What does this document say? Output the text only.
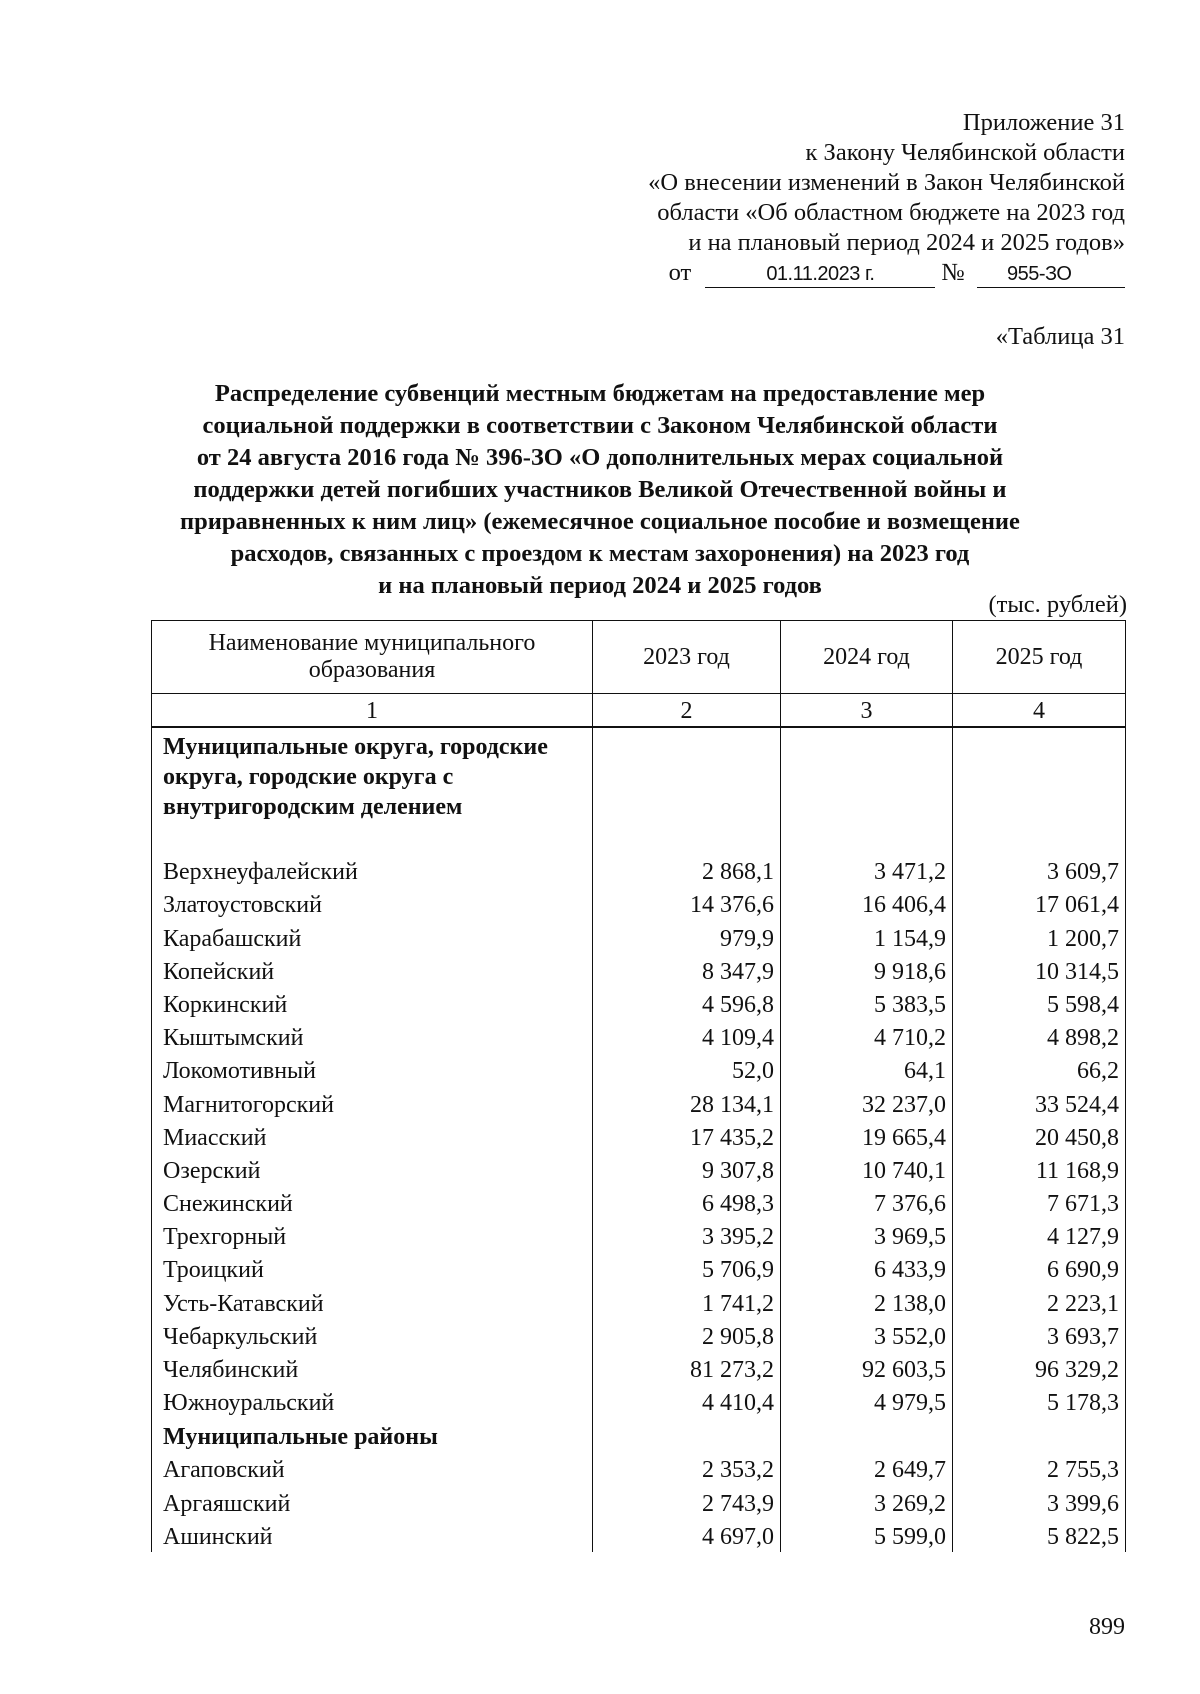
Приложение 31
к Закону Челябинской области
«О внесении изменений в Закон Челябинской
области «Об областном бюджете на 2023 год
и на плановый период 2024 и 2025 годов»
от	01.11.2023 г.	№ 955-ЗО
«Таблица 31
Распределение субвенций местным бюджетам на предоставление мер
социальной поддержки в соответствии с Законом Челябинской области
от 24 августа 2016 года № 396-ЗО «О дополнительных мерах социальной
поддержки детей погибших участников Великой Отечественной войны и
приравненных к ним лиц» (ежемесячное социальное пособие и возмещение
расходов, связанных с проездом к местам захоронения) на 2023 год
и на плановый период 2024 и 2025 годов
(тыс. рублей)
Наименование муниципального образования	2023 год	2024 год	2025 год
1	2	3	4
Муниципальные округа, городские округа, городские округа с внутригородским делением			
Верхнеуфалейский	2 868,1	3 471,2	3 609,7
Златоустовский	14 376,6	16 406,4	17 061,4
Карабашский	979,9	1 154,9	1 200,7
Копейский	8 347,9	9 918,6	10 314,5
Коркинский	4 596,8	5 383,5	5 598,4
Кыштымский	4 109,4	4 710,2	4 898,2
Локомотивный	52,0	64,1	66,2
Магнитогорский	28 134,1	32 237,0	33 524,4
Миасский	17 435,2	19 665,4	20 450,8
Озерский	9 307,8	10 740,1	11 168,9
Снежинский	6 498,3	7 376,6	7 671,3
Трехгорный	3 395,2	3 969,5	4 127,9
Троицкий	5 706,9	6 433,9	6 690,9
Усть-Катавский	1 741,2	2 138,0	2 223,1
Чебаркульский	2 905,8	3 552,0	3 693,7
Челябинский	81 273,2	92 603,5	96 329,2
Южноуральский	4 410,4	4 979,5	5 178,3
Муниципальные районы			
Агаповский	2 353,2	2 649,7	2 755,3
Аргаяшский	2 743,9	3 269,2	3 399,6
Ашинский	4 697,0	5 599,0	5 822,5
899
